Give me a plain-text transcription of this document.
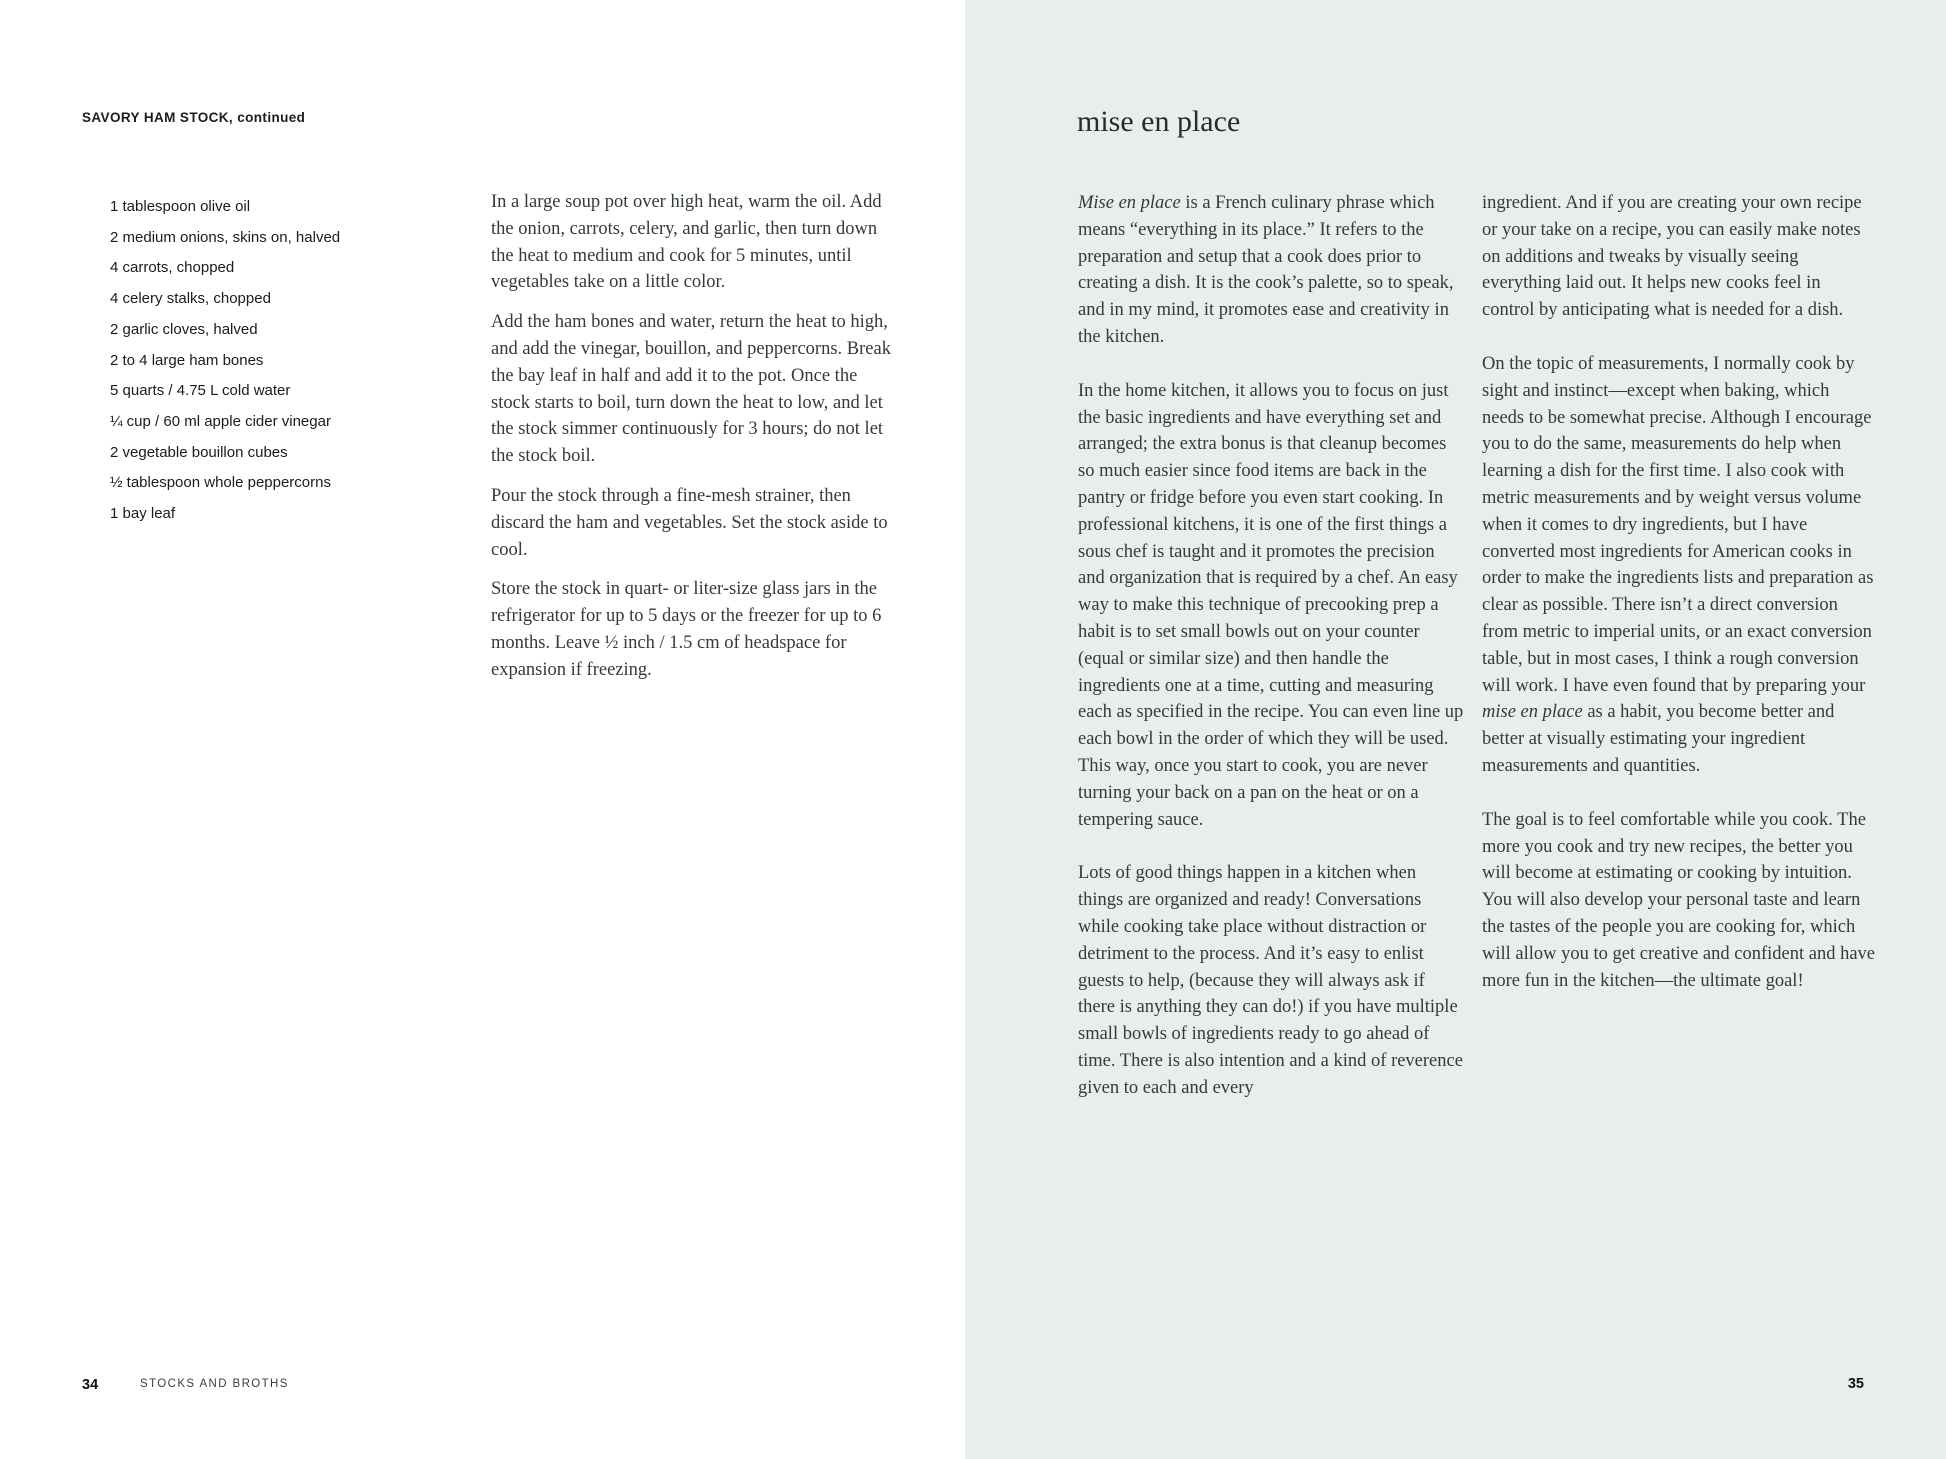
SAVORY HAM STOCK, continued
1 tablespoon olive oil
2 medium onions, skins on, halved
4 carrots, chopped
4 celery stalks, chopped
2 garlic cloves, halved
2 to 4 large ham bones
5 quarts / 4.75 L cold water
¼ cup / 60 ml apple cider vinegar
2 vegetable bouillon cubes
½ tablespoon whole peppercorns
1 bay leaf

In a large soup pot over high heat, warm the oil. Add the onion, carrots, celery, and garlic, then turn down the heat to medium and cook for 5 minutes, until vegetables take on a little color.

Add the ham bones and water, return the heat to high, and add the vinegar, bouillon, and peppercorns. Break the bay leaf in half and add it to the pot. Once the stock starts to boil, turn down the heat to low, and let the stock simmer continuously for 3 hours; do not let the stock boil.

Pour the stock through a fine-mesh strainer, then discard the ham and vegetables. Set the stock aside to cool.

Store the stock in quart- or liter-size glass jars in the refrigerator for up to 5 days or the freezer for up to 6 months. Leave ½ inch / 1.5 cm of headspace for expansion if freezing.

34	STOCKS AND BROTHS
mise en place

Mise en place is a French culinary phrase which means “everything in its place.” It refers to the preparation and setup that a cook does prior to creating a dish. It is the cook’s palette, so to speak, and in my mind, it promotes ease and creativity in the kitchen.

In the home kitchen, it allows you to focus on just the basic ingredients and have everything set and arranged; the extra bonus is that cleanup becomes so much easier since food items are back in the pantry or fridge before you even start cooking. In professional kitchens, it is one of the first things a sous chef is taught and it promotes the precision and organization that is required by a chef. An easy way to make this technique of precooking prep a habit is to set small bowls out on your counter (equal or similar size) and then handle the ingredients one at a time, cutting and measuring each as specified in the recipe. You can even line up each bowl in the order of which they will be used. This way, once you start to cook, you are never turning your back on a pan on the heat or on a tempering sauce.

Lots of good things happen in a kitchen when things are organized and ready! Conversations while cooking take place without distraction or detriment to the process. And it’s easy to enlist guests to help, (because they will always ask if there is anything they can do!) if you have multiple small bowls of ingredients ready to go ahead of time. There is also intention and a kind of reverence given to each and every

ingredient. And if you are creating your own recipe or your take on a recipe, you can easily make notes on additions and tweaks by visually seeing everything laid out. It helps new cooks feel in control by anticipating what is needed for a dish.

On the topic of measurements, I normally cook by sight and instinct—except when baking, which needs to be somewhat precise. Although I encourage you to do the same, measurements do help when learning a dish for the first time. I also cook with metric measurements and by weight versus volume when it comes to dry ingredients, but I have converted most ingredients for American cooks in order to make the ingredients lists and preparation as clear as possible. There isn’t a direct conversion from metric to imperial units, or an exact conversion table, but in most cases, I think a rough conversion will work. I have even found that by preparing your mise en place as a habit, you become better and better at visually estimating your ingredient measurements and quantities.

The goal is to feel comfortable while you cook. The more you cook and try new recipes, the better you will become at estimating or cooking by intuition. You will also develop your personal taste and learn the tastes of the people you are cooking for, which will allow you to get creative and confident and have more fun in the kitchen—the ultimate goal!

35
